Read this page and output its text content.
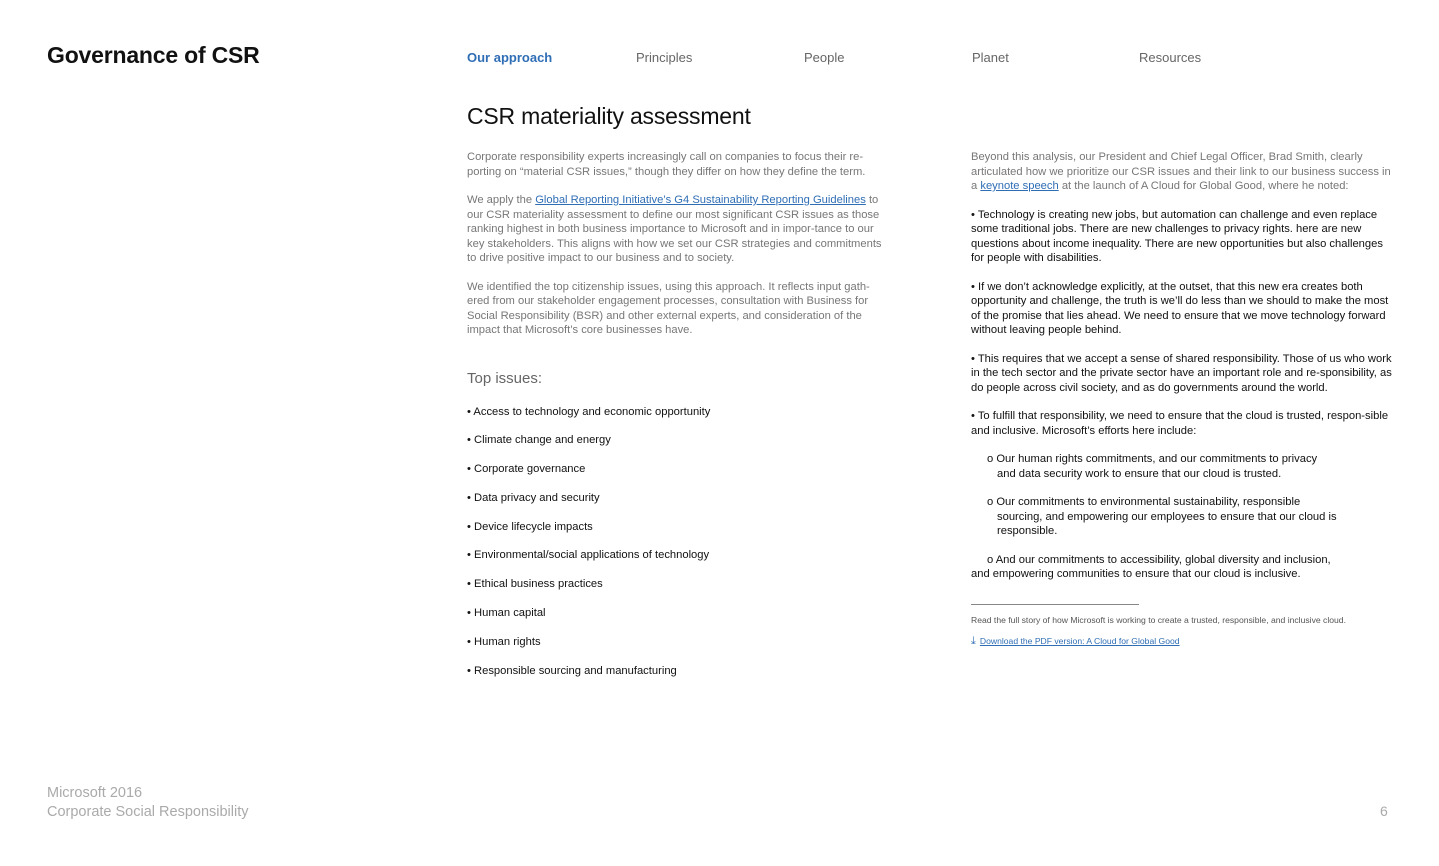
Governance of CSR	Our approach	Principles	People	Planet	Resources
CSR materiality assessment

Corporate responsibility experts increasingly call on companies to focus their re-porting on “material CSR issues,” though they differ on how they define the term.

We apply the Global Reporting Initiative’s G4 Sustainability Reporting Guidelines to our CSR materiality assessment to define our most significant CSR issues as those ranking highest in both business importance to Microsoft and in impor-tance to our key stakeholders. This aligns with how we set our CSR strategies and commitments to drive positive impact to our business and to society.

We identified the top citizenship issues, using this approach. It reflects input gath-ered from our stakeholder engagement processes, consultation with Business for Social Responsibility (BSR) and other external experts, and consideration of the impact that Microsoft’s core businesses have.

Top issues:
• Access to technology and economic opportunity
• Climate change and energy
• Corporate governance
• Data privacy and security
• Device lifecycle impacts
• Environmental/social applications of technology
• Ethical business practices
• Human capital
• Human rights
• Responsible sourcing and manufacturing

Beyond this analysis, our President and Chief Legal Officer, Brad Smith, clearly articulated how we prioritize our CSR issues and their link to our business success in a keynote speech at the launch of A Cloud for Global Good, where he noted:

• Technology is creating new jobs, but automation can challenge and even replace some traditional jobs. There are new challenges to privacy rights. here are new questions about income inequality. There are new opportunities but also challenges for people with disabilities.

• If we don’t acknowledge explicitly, at the outset, that this new era creates both opportunity and challenge, the truth is we’ll do less than we should to make the most of the promise that lies ahead. We need to ensure that we move technology forward without leaving people behind.

• This requires that we accept a sense of shared responsibility. Those of us who work in the tech sector and the private sector have an important role and re-sponsibility, as do people across civil society, and as do governments around the world.

• To fulfill that responsibility, we need to ensure that the cloud is trusted, respon-sible and inclusive. Microsoft’s efforts here include:

o Our human rights commitments, and our commitments to privacy
and data security work to ensure that our cloud is trusted.

o Our commitments to environmental sustainability, responsible
sourcing, and empowering our employees to ensure that our cloud is responsible.

o And our commitments to accessibility, global diversity and inclusion,
and empowering communities to ensure that our cloud is inclusive.

Read the full story of how Microsoft is working to create a trusted, responsible, and inclusive cloud.

⤓ Download the PDF version: A Cloud for Global Good
Microsoft 2016
Corporate Social Responsibility	6
